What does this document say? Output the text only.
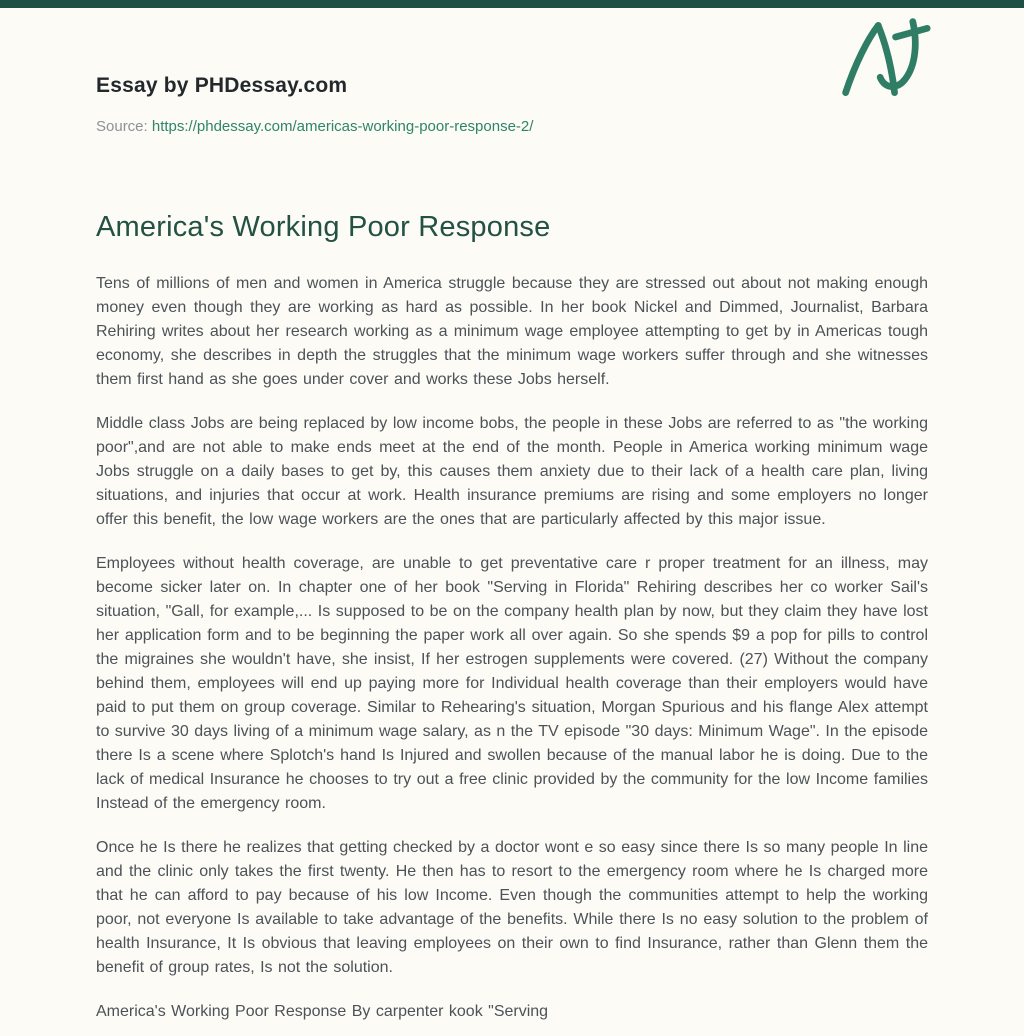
Essay by PHDessay.com
Source: https://phdessay.com/americas-working-poor-response-2/
America's Working Poor Response

Tens of millions of men and women in America struggle because they are stressed out about not making enough money even though they are working as hard as possible. In her book Nickel and Dimmed, Journalist, Barbara Rehiring writes about her research working as a minimum wage employee attempting to get by in Americas tough economy, she describes in depth the struggles that the minimum wage workers suffer through and she witnesses them first hand as she goes under cover and works these Jobs herself.

Middle class Jobs are being replaced by low income bobs, the people in these Jobs are referred to as "the working poor",and are not able to make ends meet at the end of the month. People in America working minimum wage Jobs struggle on a daily bases to get by, this causes them anxiety due to their lack of a health care plan, living situations, and injuries that occur at work. Health insurance premiums are rising and some employers no longer offer this benefit, the low wage workers are the ones that are particularly affected by this major issue.

Employees without health coverage, are unable to get preventative care r proper treatment for an illness, may become sicker later on. In chapter one of her book "Serving in Florida" Rehiring describes her co worker Sail's situation, "Gall, for example,... Is supposed to be on the company health plan by now, but they claim they have lost her application form and to be beginning the paper work all over again. So she spends $9 a pop for pills to control the migraines she wouldn't have, she insist, If her estrogen supplements were covered. (27) Without the company behind them, employees will end up paying more for Individual health coverage than their employers would have paid to put them on group coverage. Similar to Rehearing's situation, Morgan Spurious and his flange Alex attempt to survive 30 days living of a minimum wage salary, as n the TV episode "30 days: Minimum Wage". In the episode there Is a scene where Splotch's hand Is Injured and swollen because of the manual labor he is doing. Due to the lack of medical Insurance he chooses to try out a free clinic provided by the community for the low Income families Instead of the emergency room.

Once he Is there he realizes that getting checked by a doctor wont e so easy since there Is so many people In line and the clinic only takes the first twenty. He then has to resort to the emergency room where he Is charged more that he can afford to pay because of his low Income. Even though the communities attempt to help the working poor, not everyone Is available to take advantage of the benefits. While there Is no easy solution to the problem of health Insurance, It Is obvious that leaving employees on their own to find Insurance, rather than Glenn them the benefit of group rates, Is not the solution.

America's Working Poor Response By carpenter kook "Serving
